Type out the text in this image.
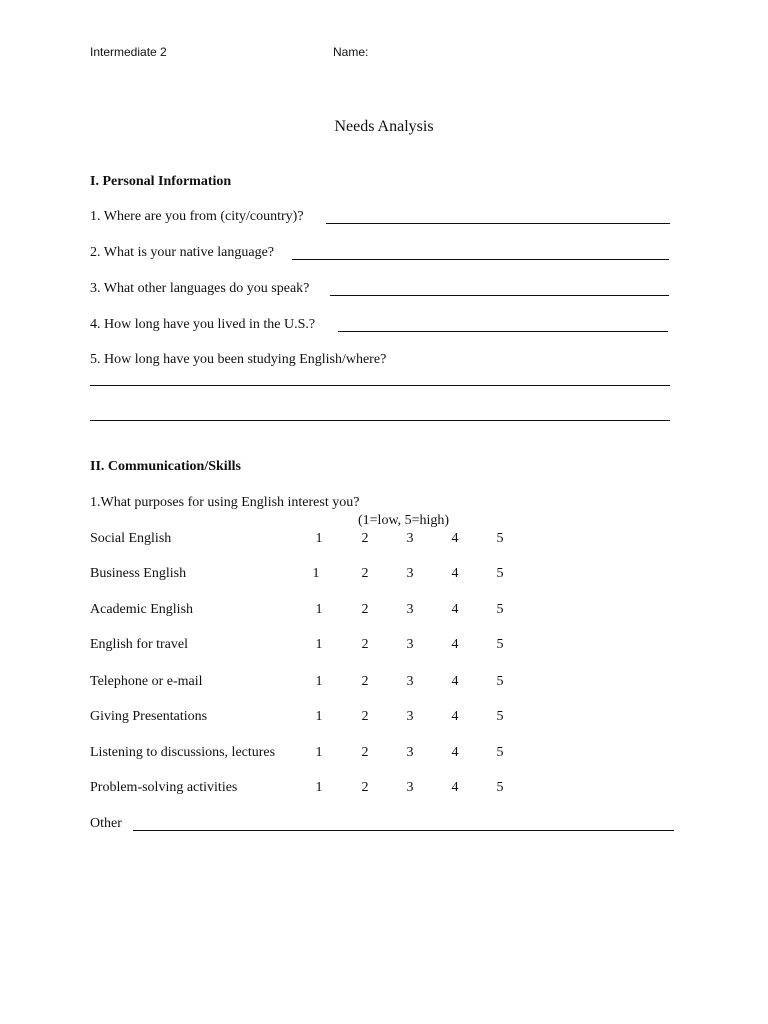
Intermediate 2	Name:
Needs Analysis
I. Personal Information
1. Where are you from (city/country)?
2. What is your native language?
3. What other languages do you speak?
4. How long have you lived in the U.S.?
5. How long have you been studying English/where?
II. Communication/Skills
1.What purposes for using English interest you?
(1=low, 5=high)
Social English	1	2	3	4	5
Business English	1	2	3	4	5
Academic English	1	2	3	4	5
English for travel	1	2	3	4	5
Telephone or e-mail	1	2	3	4	5
Giving Presentations	1	2	3	4	5
Listening to discussions, lectures	1	2	3	4	5
Problem-solving activities	1	2	3	4	5
Other
